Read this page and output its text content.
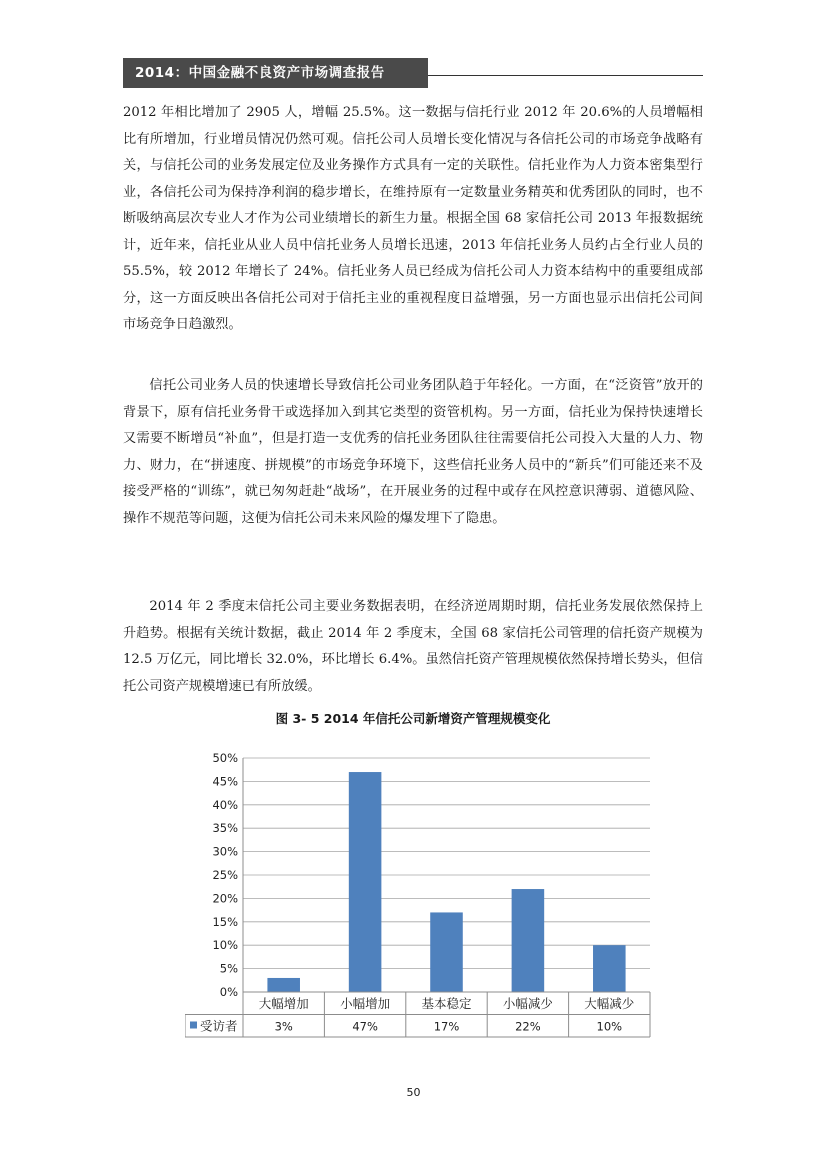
2014：中国金融不良资产市场调查报告

2012 年相比增加了 2905 人，增幅 25.5%。这一数据与信托行业 2012 年 20.6%的人员增幅相比有所增加，行业增员情况仍然可观。信托公司人员增长变化情况与各信托公司的市场竞争战略有关，与信托公司的业务发展定位及业务操作方式具有一定的关联性。信托业作为人力资本密集型行业，各信托公司为保持净利润的稳步增长，在维持原有一定数量业务精英和优秀团队的同时，也不断吸纳高层次专业人才作为公司业绩增长的新生力量。根据全国 68 家信托公司 2013 年报数据统计，近年来，信托业从业人员中信托业务人员增长迅速，2013 年信托业务人员约占全行业人员的 55.5%，较 2012 年增长了 24%。信托业务人员已经成为信托公司人力资本结构中的重要组成部分，这一方面反映出各信托公司对于信托主业的重视程度日益增强，另一方面也显示出信托公司间市场竞争日趋激烈。

信托公司业务人员的快速增长导致信托公司业务团队趋于年轻化。一方面，在“泛资管”放开的背景下，原有信托业务骨干或选择加入到其它类型的资管机构。另一方面，信托业为保持快速增长又需要不断增员“补血”，但是打造一支优秀的信托业务团队往往需要信托公司投入大量的人力、物力、财力，在“拼速度、拼规模”的市场竞争环境下，这些信托业务人员中的“新兵”们可能还来不及接受严格的“训练”，就已匆匆赶赴“战场”，在开展业务的过程中或存在风控意识薄弱、道德风险、操作不规范等问题，这便为信托公司未来风险的爆发埋下了隐患。

2014 年 2 季度末信托公司主要业务数据表明，在经济逆周期时期，信托业务发展依然保持上升趋势。根据有关统计数据，截止 2014 年 2 季度末，全国 68 家信托公司管理的信托资产规模为 12.5 万亿元，同比增长 32.0%，环比增长 6.4%。虽然信托资产管理规模依然保持增长势头，但信托公司资产规模增速已有所放缓。

图 3- 5 2014 年信托公司新增资产管理规模变化
0%
5%
10%
15%
20%
25%
30%
35%
40%
45%
50%
大幅增加
3%
小幅增加
47%
基本稳定
17%
小幅减少
22%
大幅减少
10%
受访者
50
